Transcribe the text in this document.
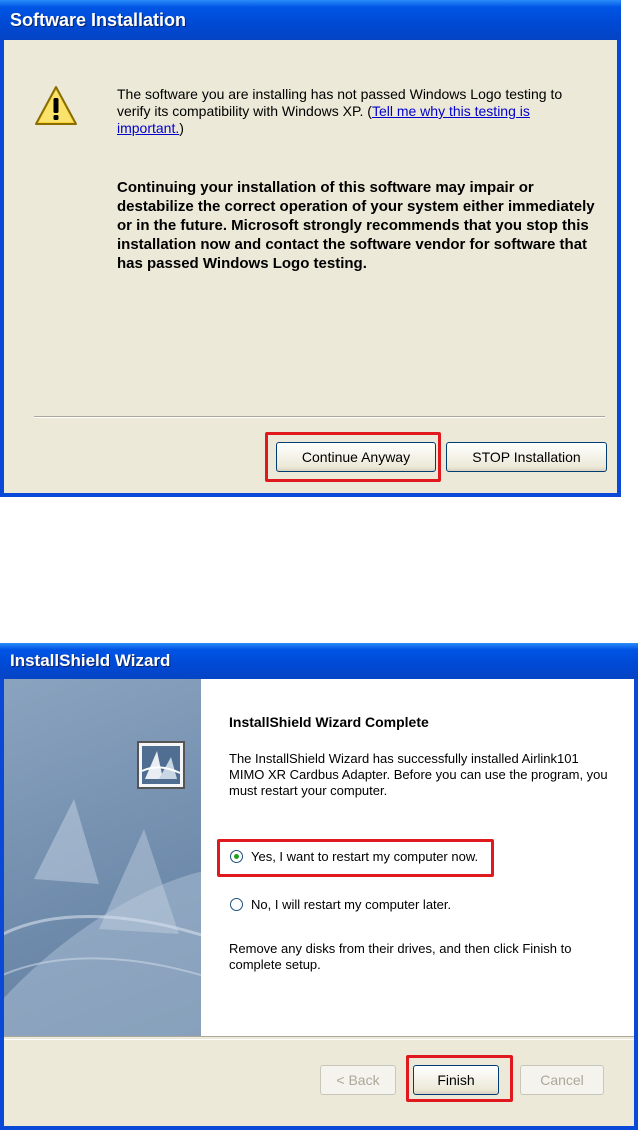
Software Installation
The software you are installing has not passed Windows Logo testing to verify its compatibility with Windows XP. (Tell me why this testing is important.)
Continuing your installation of this software may impair or destabilize the correct operation of your system either immediately or in the future. Microsoft strongly recommends that you stop this installation now and contact the software vendor for software that has passed Windows Logo testing.
Continue Anyway	STOP Installation
InstallShield Wizard
< Back	Finish	Cancel
InstallShield Wizard Complete
The InstallShield Wizard has successfully installed Airlink101 MIMO XR Cardbus Adapter. Before you can use the program, you must restart your computer.
Yes, I want to restart my computer now.
No, I will restart my computer later.
Remove any disks from their drives, and then click Finish to complete setup.
